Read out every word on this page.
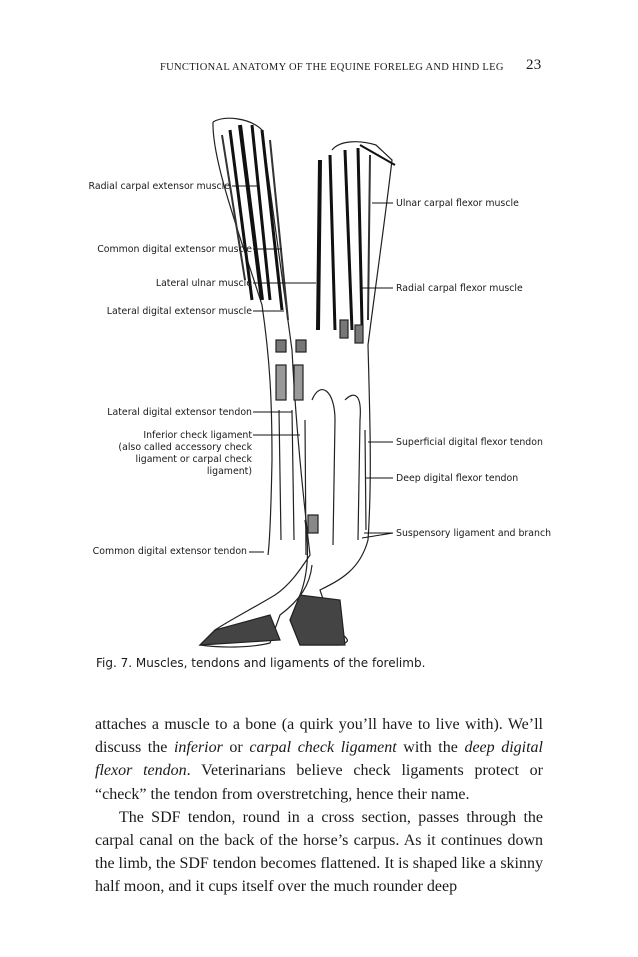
FUNCTIONAL ANATOMY OF THE EQUINE FORELEG AND HIND LEG 23
Radial carpal extensor muscle
Common digital extensor muscle
Lateral ulnar muscle
Lateral digital extensor muscle
Lateral digital extensor tendon
Inferior check ligament
(also called accessory check
ligament or carpal check
ligament)
Common digital extensor tendon
Ulnar carpal flexor muscle
Radial carpal flexor muscle
Superficial digital flexor tendon
Deep digital flexor tendon
Suspensory ligament and branch
Fig. 7. Muscles, tendons and ligaments of the forelimb.

attaches a muscle to a bone (a quirk you’ll have to live with). We’ll discuss the inferior or carpal check ligament with the deep digital flexor tendon. Veterinarians believe check ligaments protect or “check” the tendon from overstretching, hence their name.

The SDF tendon, round in a cross section, passes through the carpal canal on the back of the horse’s carpus. As it continues down the limb, the SDF tendon becomes flattened. It is shaped like a skinny half moon, and it cups itself over the much rounder deep
